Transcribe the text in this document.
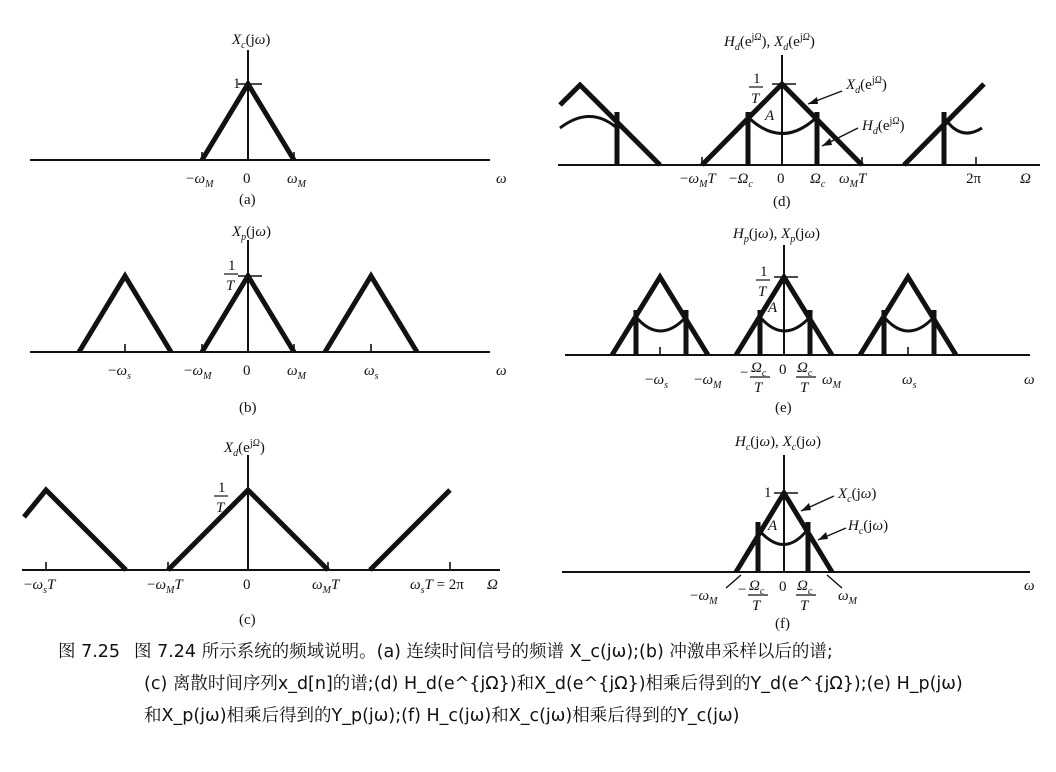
$X_c(j\omega)$
1
$-\omega_M$ 0 $\omega_M$	ω
(a)
$X_p(j\omega)$
1
T
$-\omega_s$	$-\omega_M$ 0 $\omega_M$	$\omega_s$	ω
(b)
$X_d(e^j\Omega)$
1
T
$-\omega_sT$	$-\omega_MT$	0	$\omega_MT$	$\omega_sT = 2\pi$ Ω
(c)
$H_d(e^j\Omega)$, $X_d(e^j\Omega)$
1
T
A
$X_d(e^j\Omega)$
$H_d(e^j\Omega)$
$-\omega_MT -\Omega_c$ 0 $\Omega_c$ $\omega_MT$	2π	Ω
(d)
$H_p(j\omega)$, $X_p(j\omega)$
1
T
A
$-\omega_s -\omega_M$
− $\Omega_c$
T
0 $\Omega_c$
T $\omega_M$	$\omega_s$	ω
(e)
$H_c(j\omega)$, $X_c(j\omega)$
1
A
$X_c(j\omega)$
$H_c(j\omega)$
$-\omega_M$
− $\Omega_c$
T
0 $\Omega_c$
T
$\omega_M$
ω
(f)
图 7.25 图 7.24 所示系统的频域说明。(a) 连续时间信号的频谱 X_c(jω);(b) 冲激串采样以后的谱;
(c) 离散时间序列x_d[n]的谱;(d) H_d(e^{jΩ})和X_d(e^{jΩ})相乘后得到的Y_d(e^{jΩ});(e) H_p(jω)
和X_p(jω)相乘后得到的Y_p(jω);(f) H_c(jω)和X_c(jω)相乘后得到的Y_c(jω)
